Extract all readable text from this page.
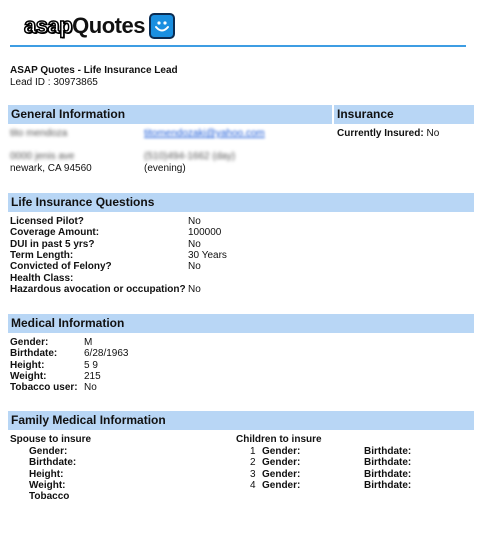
asap Quotes
ASAP Quotes - Life Insurance Lead
Lead ID : 30973865
General Information	Insurance
tito mendoza	titomendozaki@yahoo.com
0000 jenis ave	(510)494-1662 (day)
newark, CA 94560	(evening)
Currently Insured: No
Life Insurance Questions
Licensed Pilot?	No
Coverage Amount:	100000
DUI in past 5 yrs?	No
Term Length:	30 Years
Convicted of Felony?	No
Health Class:
Hazardous avocation or occupation? No
Medical Information
Gender:	M
Birthdate:	6/28/1963
Height:	5 9
Weight:	215
Tobacco user: No
Family Medical Information
Spouse to insure	Children to insure
Gender:
Birthdate:
Height:
Weight:
Tobacco
1 Gender:	Birthdate:
2 Gender:	Birthdate:
3 Gender:	Birthdate:
4 Gender:	Birthdate:
